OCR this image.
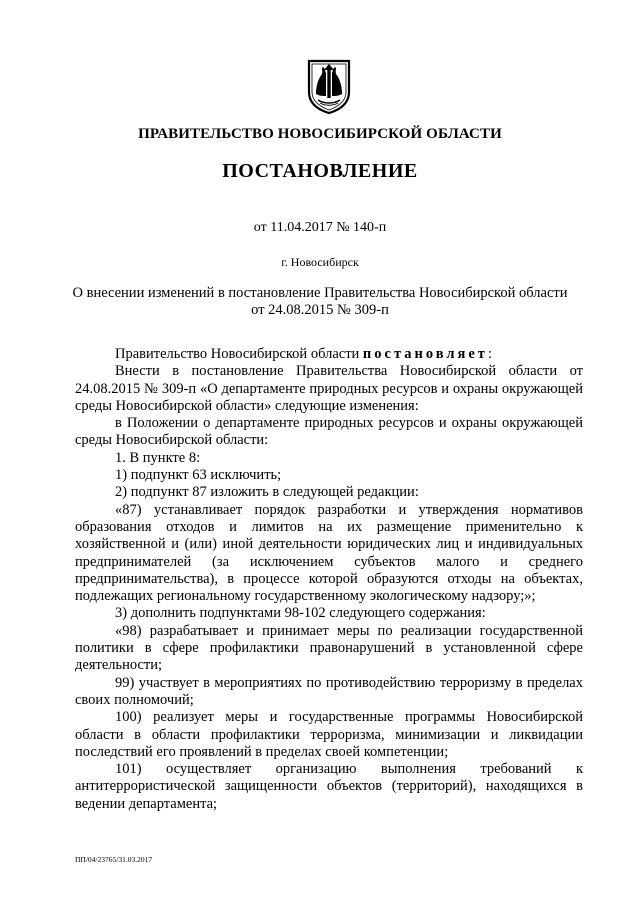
ПРАВИТЕЛЬСТВО НОВОСИБИРСКОЙ ОБЛАСТИ
ПОСТАНОВЛЕНИЕ
от 11.04.2017 № 140-п
г. Новосибирск
О внесении изменений в постановление Правительства Новосибирской области
от 24.08.2015 № 309-п

Правительство Новосибирской области постановляет:

Внести в постановление Правительства Новосибирской области от 24.08.2015 № 309-п «О департаменте природных ресурсов и охраны окружающей среды Новосибирской области» следующие изменения:

в Положении о департаменте природных ресурсов и охраны окружающей среды Новосибирской области:

1. В пункте 8:

1) подпункт 63 исключить;

2) подпункт 87 изложить в следующей редакции:

«87) устанавливает порядок разработки и утверждения нормативов образования отходов и лимитов на их размещение применительно к хозяйственной и (или) иной деятельности юридических лиц и индивидуальных предпринимателей (за исключением субъектов малого и среднего предпринимательства), в процессе которой образуются отходы на объектах, подлежащих региональному государственному экологическому надзору;»;

3) дополнить подпунктами 98-102 следующего содержания:

«98) разрабатывает и принимает меры по реализации государственной политики в сфере профилактики правонарушений в установленной сфере деятельности;

99) участвует в мероприятиях по противодействию терроризму в пределах своих полномочий;

100) реализует меры и государственные программы Новосибирской области в области профилактики терроризма, минимизации и ликвидации последствий его проявлений в пределах своей компетенции;

101) осуществляет организацию выполнения требований к антитеррористической защищенности объектов (территорий), находящихся в ведении департамента;

ПП/04/23765/31.03.2017
